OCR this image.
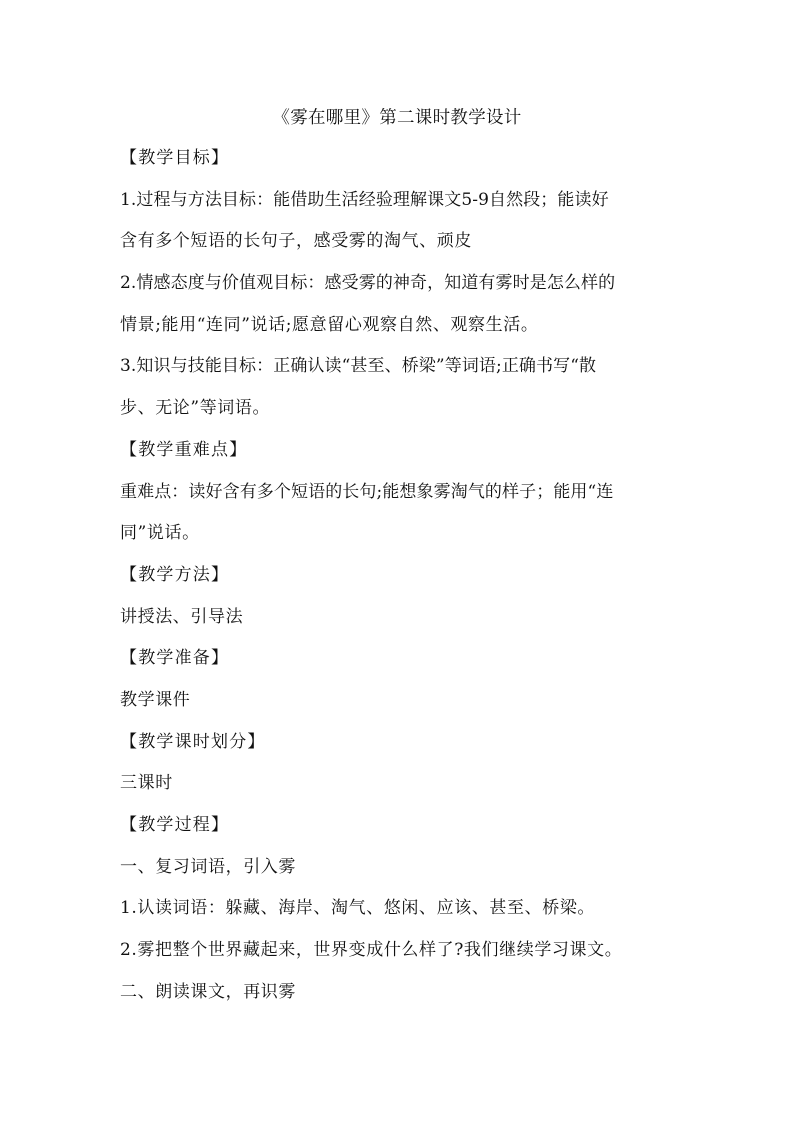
《雾在哪里》第二课时教学设计
【教学目标】
1.过程与方法目标：能借助生活经验理解课文5-9自然段；能读好
含有多个短语的长句子，感受雾的淘气、顽皮
2.情感态度与价值观目标：感受雾的神奇，知道有雾时是怎么样的
情景;能用“连同”说话;愿意留心观察自然、观察生活。
3.知识与技能目标：正确认读“甚至、桥梁”等词语;正确书写“散
步、无论”等词语。
【教学重难点】
重难点：读好含有多个短语的长句;能想象雾淘气的样子；能用“连
同”说话。
【教学方法】
讲授法、引导法
【教学准备】
教学课件
【教学课时划分】
三课时
【教学过程】
一、复习词语，引入雾
1.认读词语：躲藏、海岸、淘气、悠闲、应该、甚至、桥梁。
2.雾把整个世界藏起来，世界变成什么样了?我们继续学习课文。
二、朗读课文，再识雾
